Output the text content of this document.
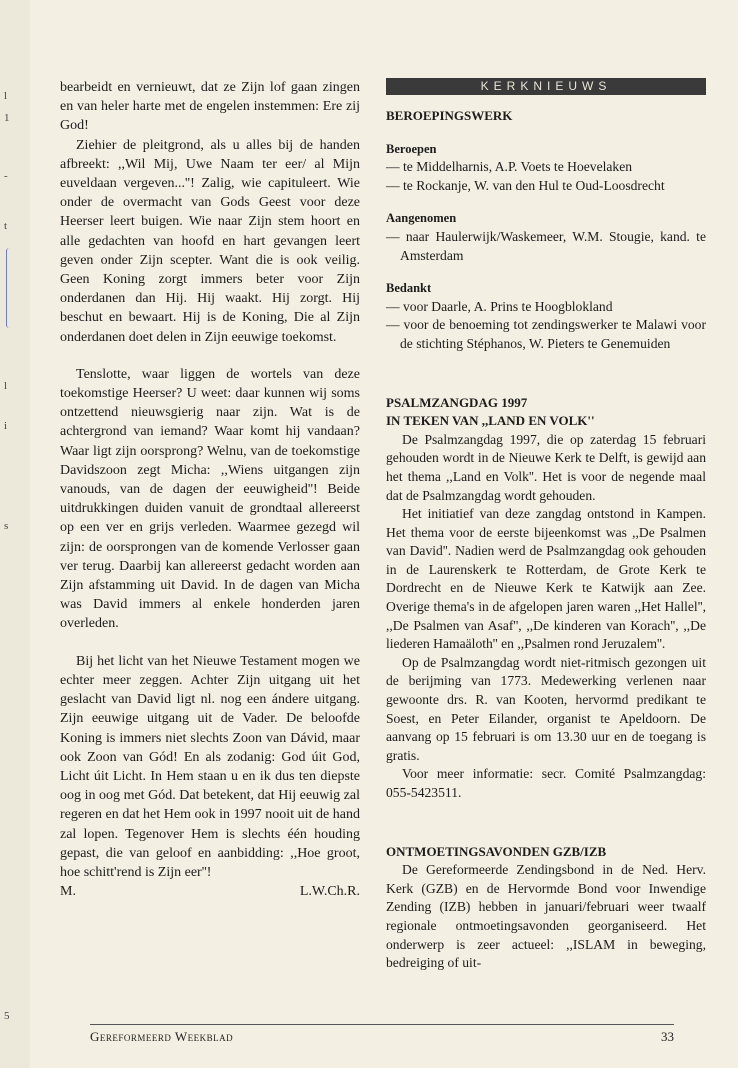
l
1
-
t
l
i
s
5

bearbeidt en vernieuwt, dat ze Zijn lof gaan zingen en van heler harte met de engelen instemmen: Ere zij God!

Ziehier de pleitgrond, als u alles bij de handen afbreekt: ,,Wil Mij, Uwe Naam ter eer/ al Mijn euveldaan vergeven...''! Zalig, wie capituleert. Wie onder de overmacht van Gods Geest voor deze Heerser leert buigen. Wie naar Zijn stem hoort en alle gedachten van hoofd en hart gevangen leert geven onder Zijn scepter. Want die is ook veilig. Geen Koning zorgt immers beter voor Zijn onderdanen dan Hij. Hij waakt. Hij zorgt. Hij beschut en bewaart. Hij is de Koning, Die al Zijn onderdanen doet delen in Zijn eeuwige toekomst.

Tenslotte, waar liggen de wortels van deze toekomstige Heerser? U weet: daar kunnen wij soms ontzettend nieuwsgierig naar zijn. Wat is de achtergrond van iemand? Waar komt hij vandaan? Waar ligt zijn oorsprong? Welnu, van de toekomstige Davidszoon zegt Micha: ,,Wiens uitgangen zijn vanouds, van de dagen der eeuwigheid''! Beide uitdrukkingen duiden vanuit de grondtaal allereerst op een ver en grijs verleden. Waarmee gezegd wil zijn: de oorsprongen van de komende Verlosser gaan ver terug. Daarbij kan allereerst gedacht worden aan Zijn afstamming uit David. In de dagen van Micha was David immers al enkele honderden jaren overleden.

Bij het licht van het Nieuwe Testament mogen we echter meer zeggen. Achter Zijn uitgang uit het geslacht van David ligt nl. nog een ándere uitgang. Zijn eeuwige uitgang uit de Vader. De beloofde Koning is immers niet slechts Zoon van Dávid, maar ook Zoon van Gód! En als zodanig: God úit God, Licht úit Licht. In Hem staan u en ik dus ten diepste oog in oog met Gód. Dat betekent, dat Hij eeuwig zal regeren en dat het Hem ook in 1997 nooit uit de hand zal lopen. Tegenover Hem is slechts één houding gepast, die van geloof en aanbidding: ,,Hoe groot, hoe schitt'rend is Zijn eer''!

M.	L.W.Ch.R.
KERKNIEUWS
BEROEPINGSWERK
Beroepen

— te Middelharnis, A.P. Voets te Hoevelaken

— te Rockanje, W. van den Hul te Oud-Loosdrecht

Aangenomen

— naar Haulerwijk/Waskemeer, W.M. Stougie, kand. te Amsterdam

Bedankt

— voor Daarle, A. Prins te Hoogblokland

— voor de benoeming tot zendingswerker te Malawi voor de stichting Stéphanos, W. Pieters te Genemuiden

PSALMZANGDAG 1997
IN TEKEN VAN ,,LAND EN VOLK''

De Psalmzangdag 1997, die op zaterdag 15 februari gehouden wordt in de Nieuwe Kerk te Delft, is gewijd aan het thema ,,Land en Volk''. Het is voor de negende maal dat de Psalmzangdag wordt gehouden.

Het initiatief van deze zangdag ontstond in Kampen. Het thema voor de eerste bijeenkomst was ,,De Psalmen van David''. Nadien werd de Psalmzangdag ook gehouden in de Laurenskerk te Rotterdam, de Grote Kerk te Dordrecht en de Nieuwe Kerk te Katwijk aan Zee. Overige thema's in de afgelopen jaren waren ,,Het Hallel'', ,,De Psalmen van Asaf'', ,,De kinderen van Korach'', ,,De liederen Hamaäloth'' en ,,Psalmen rond Jeruzalem''.

Op de Psalmzangdag wordt niet-ritmisch gezongen uit de berijming van 1773. Medewerking verlenen naar gewoonte drs. R. van Kooten, hervormd predikant te Soest, en Peter Eilander, organist te Apeldoorn. De aanvang op 15 februari is om 13.30 uur en de toegang is gratis.

Voor meer informatie: secr. Comité Psalmzangdag: 055-5423511.

ONTMOETINGSAVONDEN GZB/IZB

De Gereformeerde Zendingsbond in de Ned. Herv. Kerk (GZB) en de Hervormde Bond voor Inwendige Zending (IZB) hebben in januari/februari weer twaalf regionale ontmoetingsavonden georganiseerd. Het onderwerp is zeer actueel: ,,ISLAM in beweging, bedreiging of uit-

Gereformeerd Weekblad	33
